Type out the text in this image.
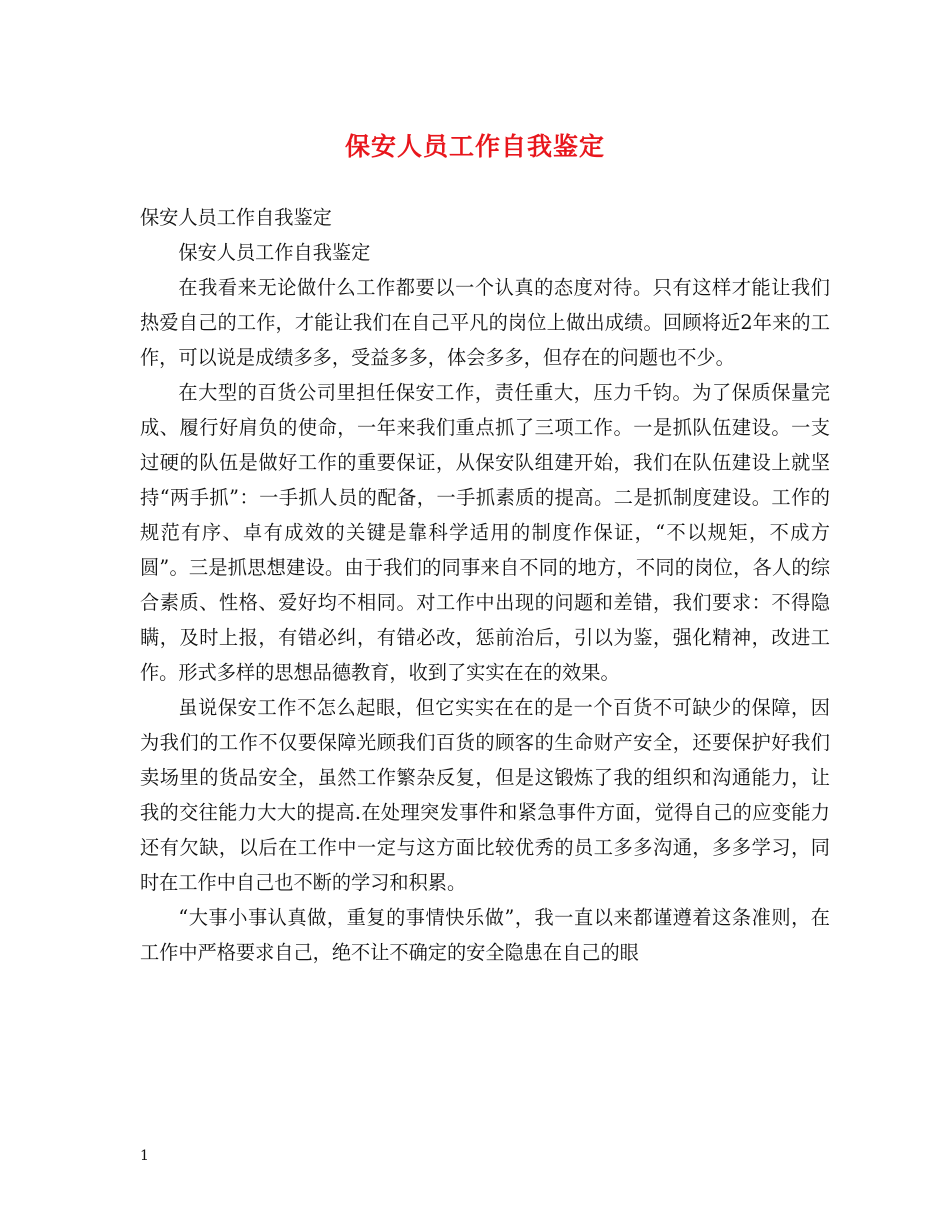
保安人员工作自我鉴定

保安人员工作自我鉴定

保安人员工作自我鉴定

在我看来无论做什么工作都要以一个认真的态度对待。只有这样才能让我们热爱自己的工作，才能让我们在自己平凡的岗位上做出成绩。回顾将近2年来的工作，可以说是成绩多多，受益多多，体会多多，但存在的问题也不少。

在大型的百货公司里担任保安工作，责任重大，压力千钧。为了保质保量完成、履行好肩负的使命，一年来我们重点抓了三项工作。一是抓队伍建设。一支过硬的队伍是做好工作的重要保证，从保安队组建开始，我们在队伍建设上就坚持“两手抓”：一手抓人员的配备，一手抓素质的提高。二是抓制度建设。工作的规范有序、卓有成效的关键是靠科学适用的制度作保证，“不以规矩，不成方圆”。三是抓思想建设。由于我们的同事来自不同的地方，不同的岗位，各人的综合素质、性格、爱好均不相同。对工作中出现的问题和差错，我们要求：不得隐瞒，及时上报，有错必纠，有错必改，惩前治后，引以为鉴，强化精神，改进工作。形式多样的思想品德教育，收到了实实在在的效果。

虽说保安工作不怎么起眼，但它实实在在的是一个百货不可缺少的保障，因为我们的工作不仅要保障光顾我们百货的顾客的生命财产安全，还要保护好我们卖场里的货品安全，虽然工作繁杂反复，但是这锻炼了我的组织和沟通能力，让我的交往能力大大的提高.在处理突发事件和紧急事件方面，觉得自己的应变能力还有欠缺，以后在工作中一定与这方面比较优秀的员工多多沟通，多多学习，同时在工作中自己也不断的学习和积累。

“大事小事认真做，重复的事情快乐做”，我一直以来都谨遵着这条准则，在工作中严格要求自己，绝不让不确定的安全隐患在自己的眼

1
